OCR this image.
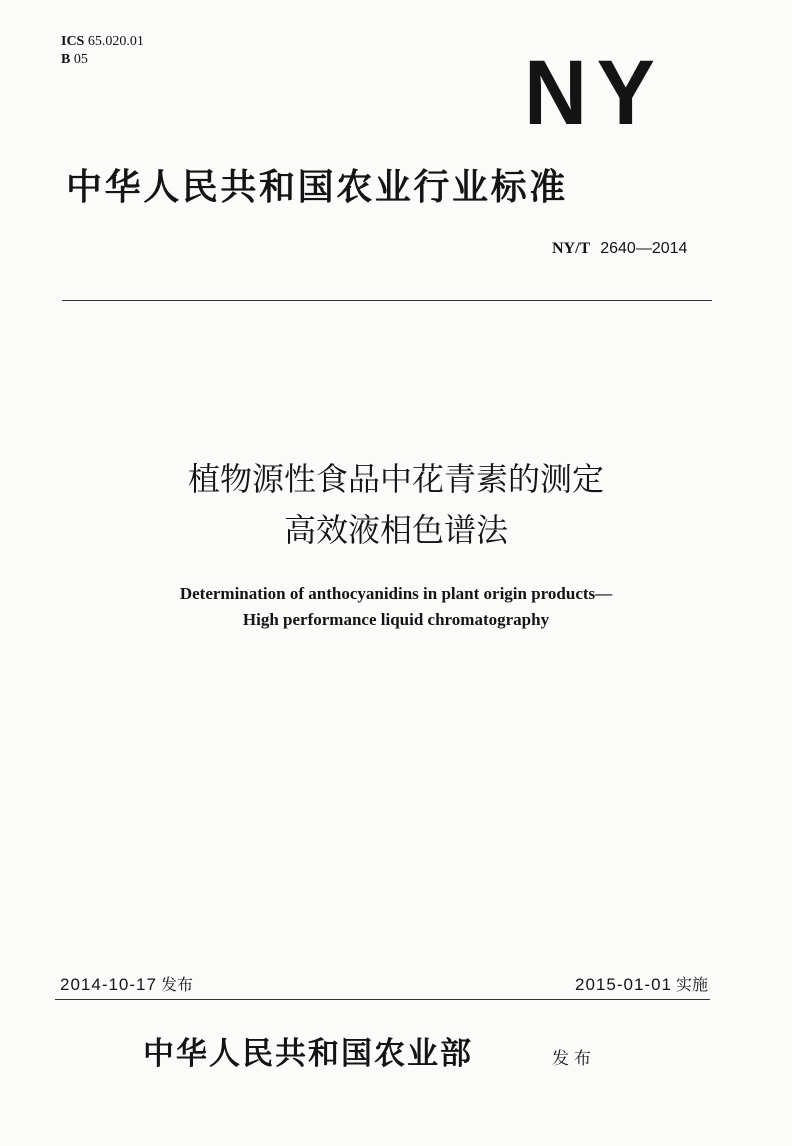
ICS 65.020.01
B 05	NY
中华人民共和国农业行业标准
NY/T 2640—2014
植物源性食品中花青素的测定
高效液相色谱法
Determination of anthocyanidins in plant origin products—
High performance liquid chromatography
2014-10-17 发布	2015-01-01 实施
中华人民共和国农业部	发布
